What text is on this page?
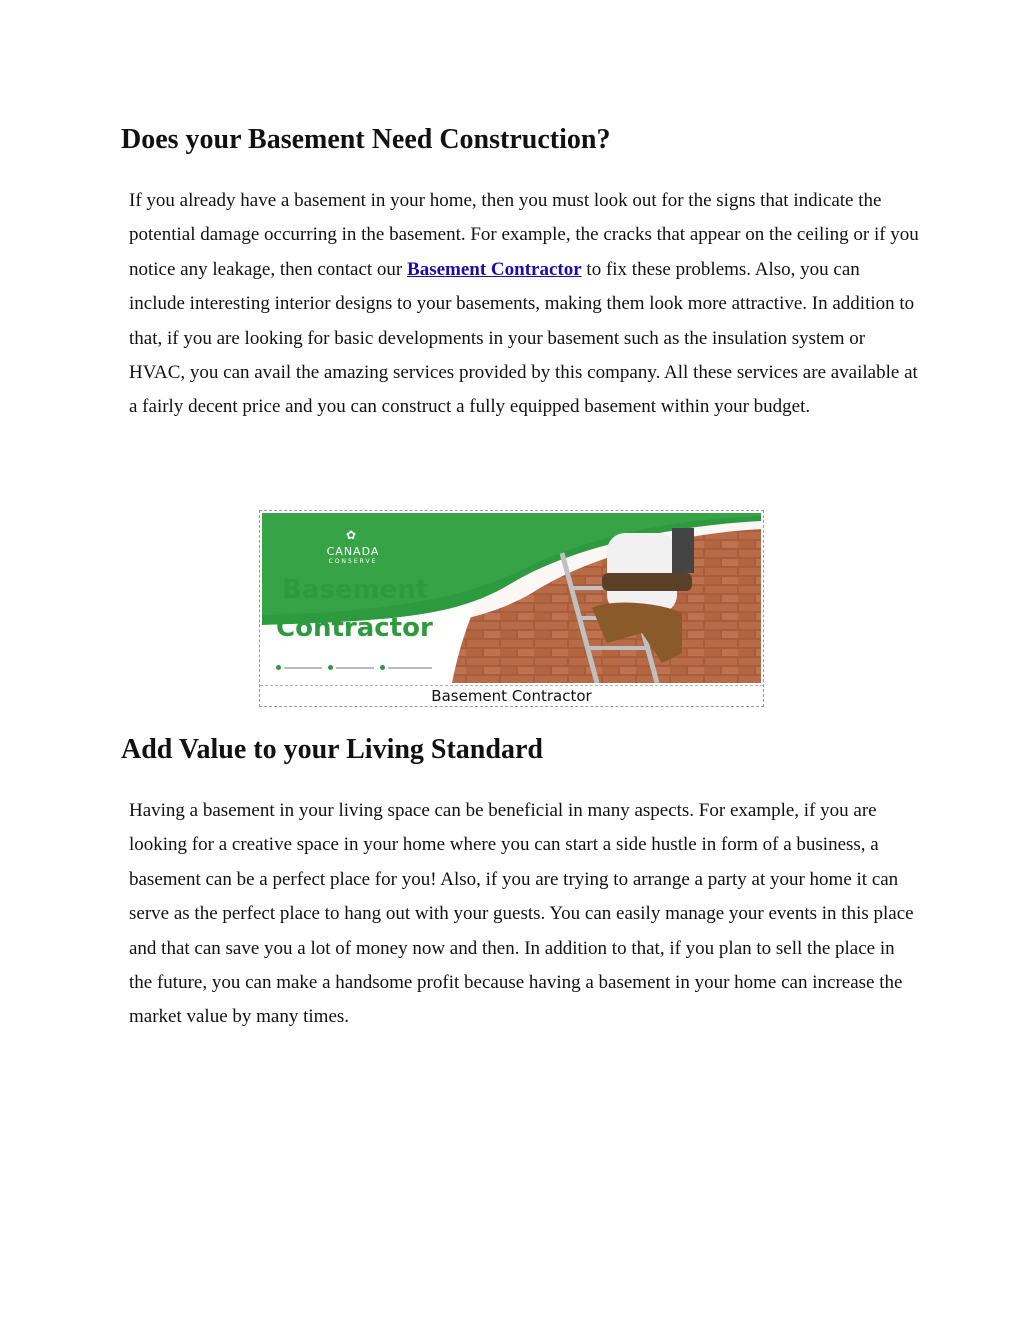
Does your Basement Need Construction?

If you already have a basement in your home, then you must look out for the signs that indicate the potential damage occurring in the basement. For example, the cracks that appear on the ceiling or if you notice any leakage, then contact our Basement Contractor to fix these problems. Also, you can include interesting interior designs to your basements, making them look more attractive. In addition to that, if you are looking for basic developments in your basement such as the insulation system or HVAC, you can avail the amazing services provided by this company. All these services are available at a fairly decent price and you can construct a fully equipped basement within your budget.

✿
CANADA
CONSERVE
Basement
Contractor
Basement Contractor
Add Value to your Living Standard

Having a basement in your living space can be beneficial in many aspects. For example, if you are looking for a creative space in your home where you can start a side hustle in form of a business, a basement can be a perfect place for you! Also, if you are trying to arrange a party at your home it can serve as the perfect place to hang out with your guests. You can easily manage your events in this place and that can save you a lot of money now and then. In addition to that, if you plan to sell the place in the future, you can make a handsome profit because having a basement in your home can increase the market value by many times.
